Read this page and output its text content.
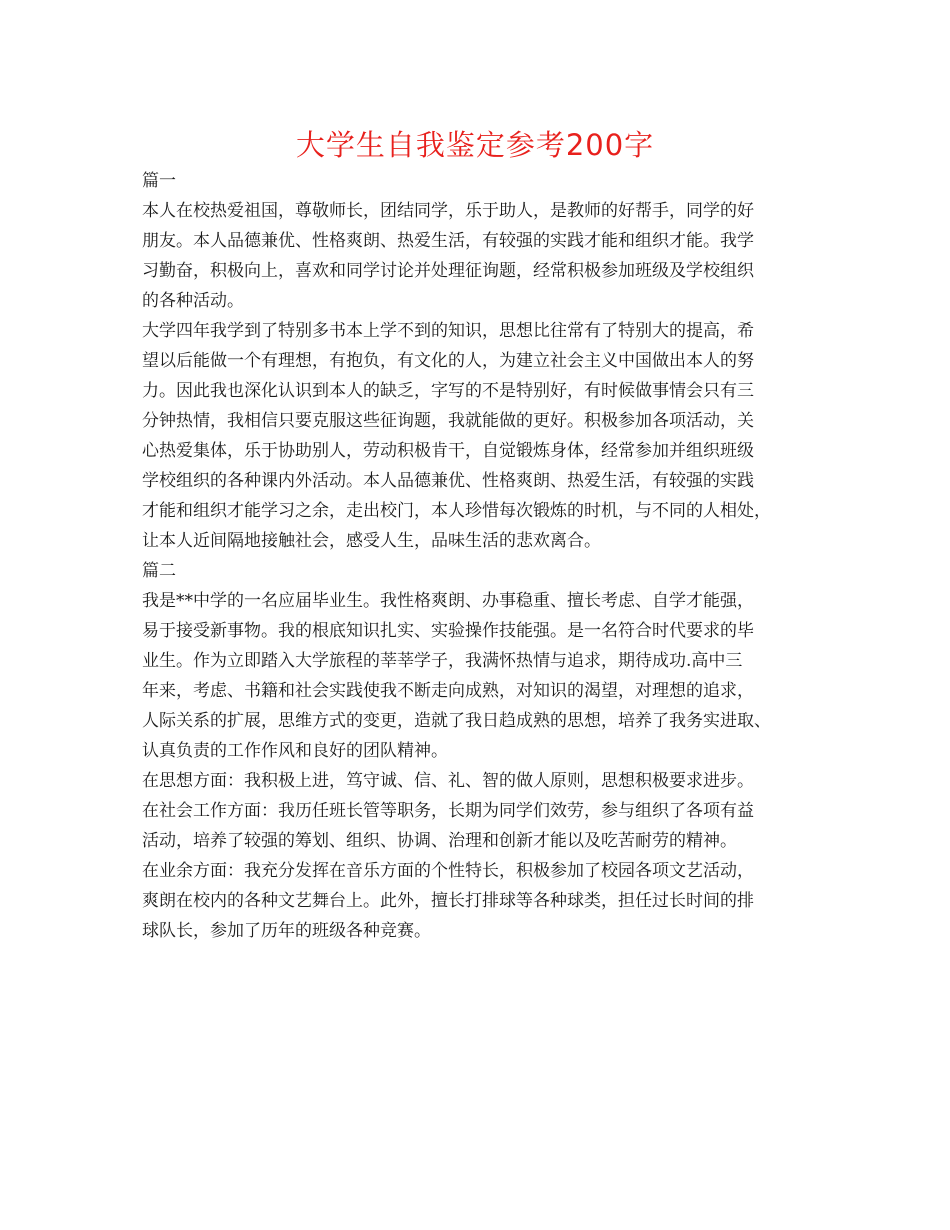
大学生自我鉴定参考200字
篇一
本人在校热爱祖国，尊敬师长，团结同学，乐于助人，是教师的好帮手，同学的好
朋友。本人品德兼优、性格爽朗、热爱生活，有较强的实践才能和组织才能。我学
习勤奋，积极向上，喜欢和同学讨论并处理征询题，经常积极参加班级及学校组织
的各种活动。
大学四年我学到了特别多书本上学不到的知识，思想比往常有了特别大的提高，希
望以后能做一个有理想，有抱负，有文化的人，为建立社会主义中国做出本人的努
力。因此我也深化认识到本人的缺乏，字写的不是特别好，有时候做事情会只有三
分钟热情，我相信只要克服这些征询题，我就能做的更好。积极参加各项活动，关
心热爱集体，乐于协助别人，劳动积极肯干，自觉锻炼身体，经常参加并组织班级
学校组织的各种课内外活动。本人品德兼优、性格爽朗、热爱生活，有较强的实践
才能和组织才能学习之余，走出校门，本人珍惜每次锻炼的时机，与不同的人相处，
让本人近间隔地接触社会，感受人生，品味生活的悲欢离合。
篇二
我是**中学的一名应届毕业生。我性格爽朗、办事稳重、擅长考虑、自学才能强，
易于接受新事物。我的根底知识扎实、实验操作技能强。是一名符合时代要求的毕
业生。作为立即踏入大学旅程的莘莘学子，我满怀热情与追求，期待成功.高中三
年来，考虑、书籍和社会实践使我不断走向成熟，对知识的渴望，对理想的追求，
人际关系的扩展，思维方式的变更，造就了我日趋成熟的思想，培养了我务实进取、
认真负责的工作作风和良好的团队精神。
在思想方面：我积极上进，笃守诚、信、礼、智的做人原则，思想积极要求进步。
在社会工作方面：我历任班长管等职务，长期为同学们效劳，参与组织了各项有益
活动，培养了较强的筹划、组织、协调、治理和创新才能以及吃苦耐劳的精神。
在业余方面：我充分发挥在音乐方面的个性特长，积极参加了校园各项文艺活动，
爽朗在校内的各种文艺舞台上。此外，擅长打排球等各种球类，担任过长时间的排
球队长，参加了历年的班级各种竞赛。
